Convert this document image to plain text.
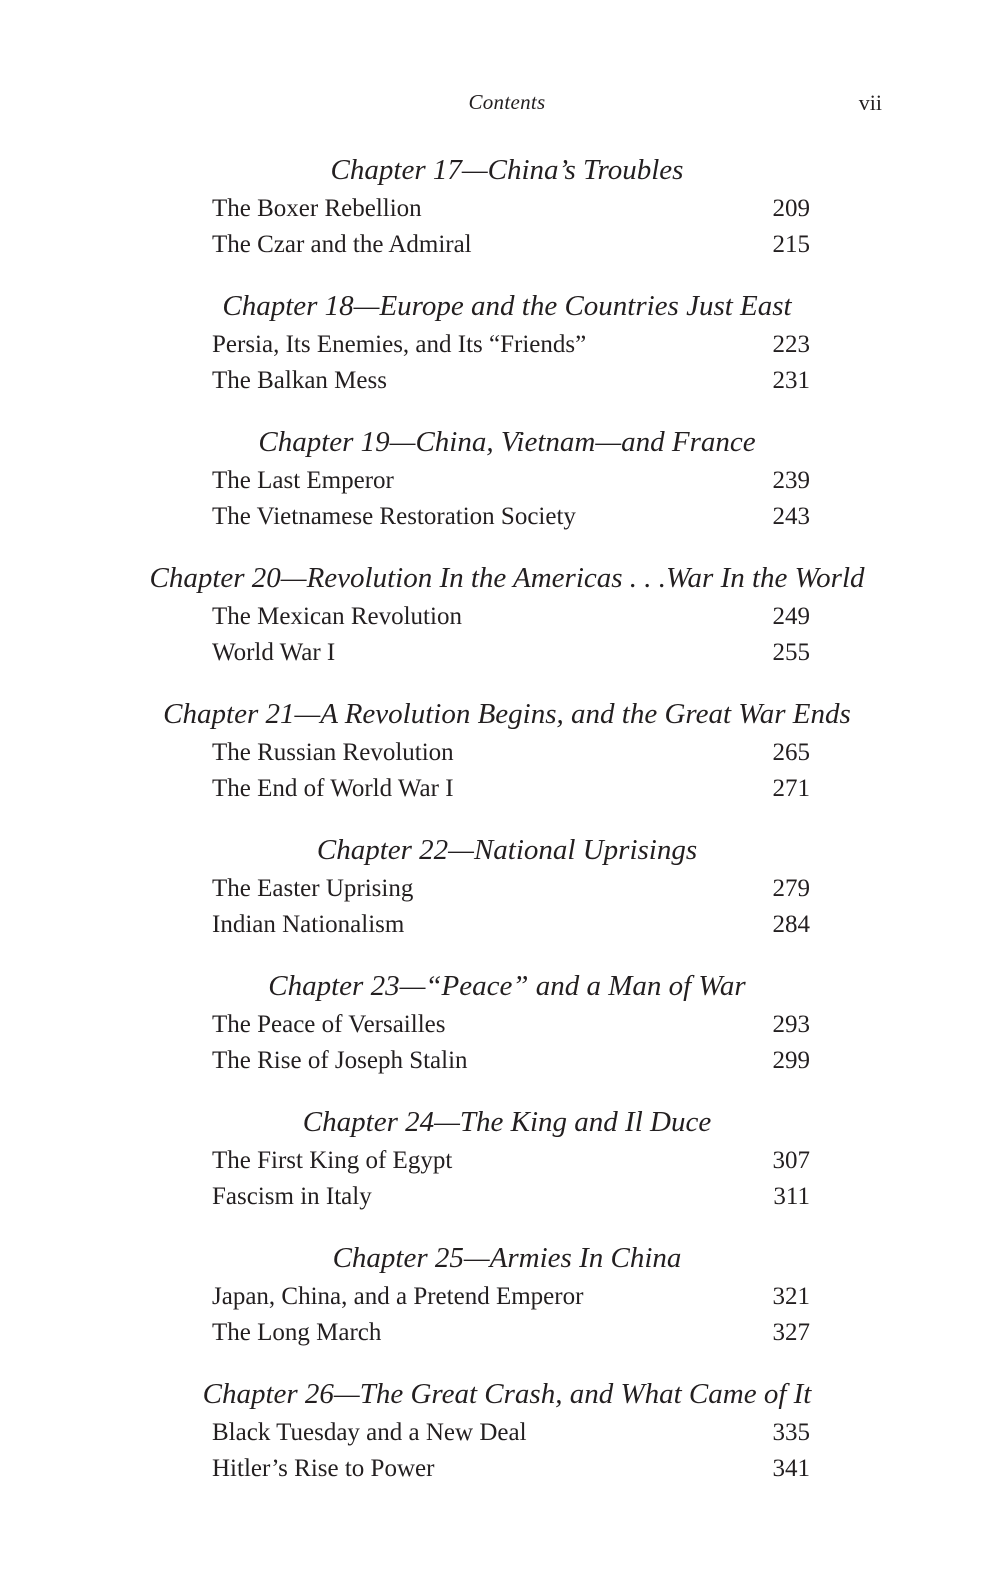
Contents	vii
Chapter 17—China’s Troubles
The Boxer Rebellion	209
The Czar and the Admiral	215
Chapter 18—Europe and the Countries Just East
Persia, Its Enemies, and Its “Friends”	223
The Balkan Mess	231
Chapter 19—China, Vietnam—and France
The Last Emperor	239
The Vietnamese Restoration Society	243
Chapter 20—Revolution In the Americas . . .War In the World
The Mexican Revolution	249
World War I	255
Chapter 21—A Revolution Begins, and the Great War Ends
The Russian Revolution	265
The End of World War I	271
Chapter 22—National Uprisings
The Easter Uprising	279
Indian Nationalism	284
Chapter 23—“Peace” and a Man of War
The Peace of Versailles	293
The Rise of Joseph Stalin	299
Chapter 24—The King and Il Duce
The First King of Egypt	307
Fascism in Italy	311
Chapter 25—Armies In China
Japan, China, and a Pretend Emperor	321
The Long March	327
Chapter 26—The Great Crash, and What Came of It
Black Tuesday and a New Deal	335
Hitler’s Rise to Power	341
